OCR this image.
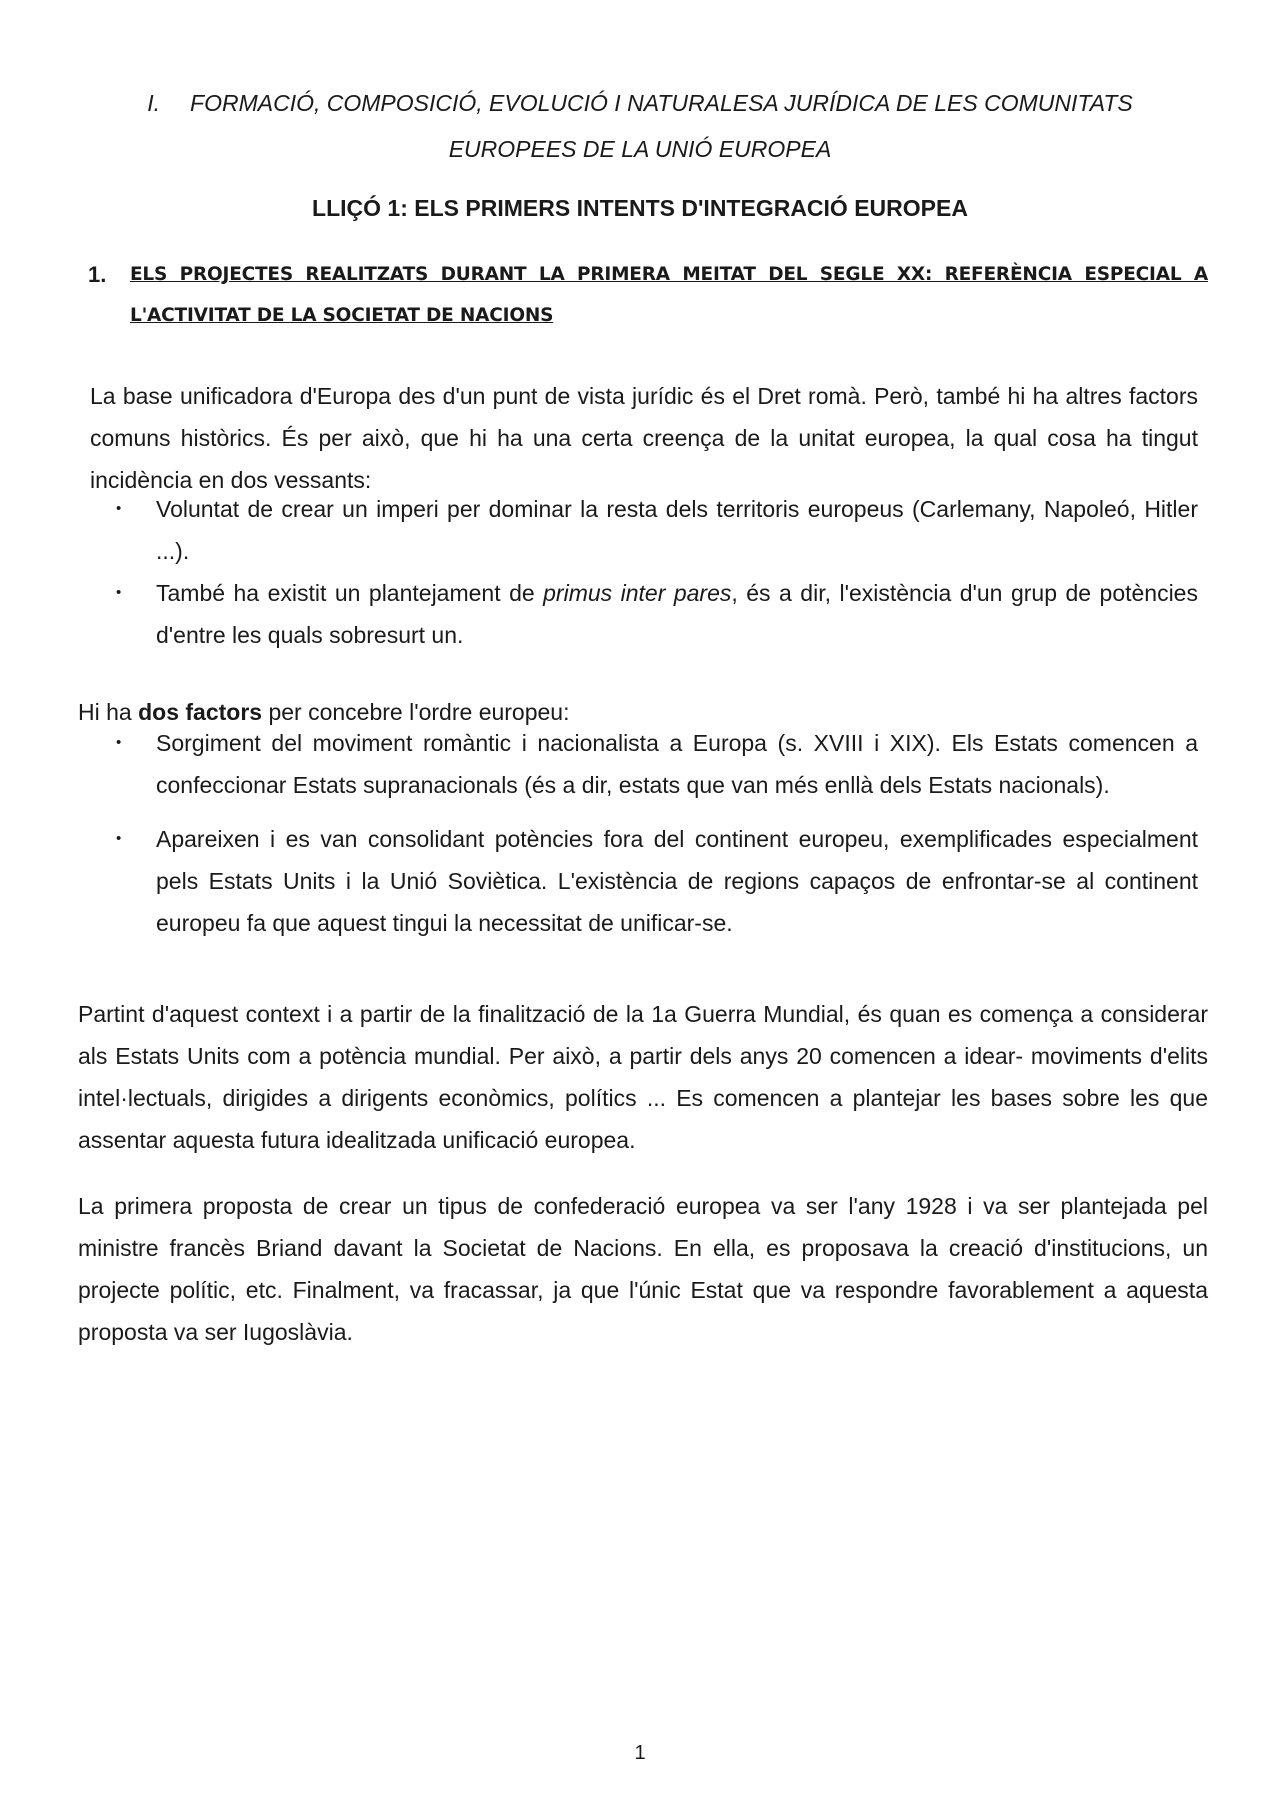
I. FORMACIÓ, COMPOSICIÓ, EVOLUCIÓ I NATURALESA JURÍDICA DE LES COMUNITATS EUROPEES DE LA UNIÓ EUROPEA
LLIÇÓ 1: ELS PRIMERS INTENTS D'INTEGRACIÓ EUROPEA
1. ELS PROJECTES REALITZATS DURANT LA PRIMERA MEITAT DEL SEGLE XX: REFERÈNCIA ESPECIAL A L'ACTIVITAT DE LA SOCIETAT DE NACIONS

La base unificadora d'Europa des d'un punt de vista jurídic és el Dret romà. Però, també hi ha altres factors comuns històrics. És per això, que hi ha una certa creença de la unitat europea, la qual cosa ha tingut incidència en dos vessants:

• Voluntat de crear un imperi per dominar la resta dels territoris europeus (Carlemany, Napoleó, Hitler ...).
• També ha existit un plantejament de primus inter pares, és a dir, l'existència d'un grup de potències d'entre les quals sobresurt un.

Hi ha dos factors per concebre l'ordre europeu:

• Sorgiment del moviment romàntic i nacionalista a Europa (s. XVIII i XIX). Els Estats comencen a confeccionar Estats supranacionals (és a dir, estats que van més enllà dels Estats nacionals).
• Apareixen i es van consolidant potències fora del continent europeu, exemplificades especialment pels Estats Units i la Unió Soviètica. L'existència de regions capaços de enfrontar-se al continent europeu fa que aquest tingui la necessitat de unificar-se.

Partint d'aquest context i a partir de la finalització de la 1a Guerra Mundial, és quan es comença a considerar als Estats Units com a potència mundial. Per això, a partir dels anys 20 comencen a idear- moviments d'elits intel·lectuals, dirigides a dirigents econòmics, polítics ... Es comencen a plantejar les bases sobre les que assentar aquesta futura idealitzada unificació europea.

La primera proposta de crear un tipus de confederació europea va ser l'any 1928 i va ser plantejada pel ministre francès Briand davant la Societat de Nacions. En ella, es proposava la creació d'institucions, un projecte polític, etc. Finalment, va fracassar, ja que l'únic Estat que va respondre favorablement a aquesta proposta va ser Iugoslàvia.

1
